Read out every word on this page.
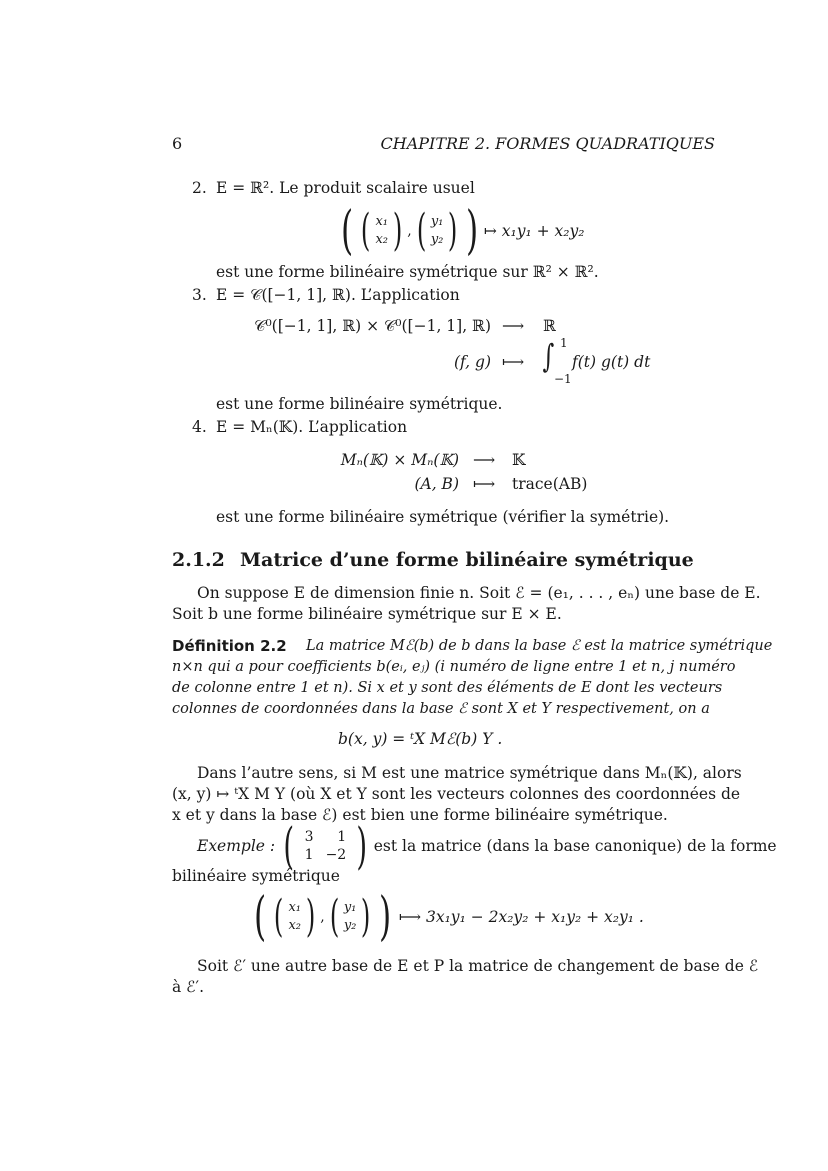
6	CHAPITRE 2. FORMES QUADRATIQUES
2. E = ℝ². Le produit scalaire usuel
( ( x₁
x₂ ) , ( y₁
y₂ ) ) ↦ x₁y₁ + x₂y₂
est une forme bilinéaire symétrique sur ℝ² × ℝ².
3. E = 𝒞([−1, 1], ℝ). L’application
𝒞⁰([−1, 1], ℝ) × 𝒞⁰([−1, 1], ℝ) ⟶ ℝ
(f, g) ⟼ ∫ 1
−1
f(t) g(t) dt
est une forme bilinéaire symétrique.
4. E = Mₙ(𝕂). L’application
Mₙ(𝕂) × Mₙ(𝕂) ⟶ 𝕂
(A, B) ⟼ trace(AB)
est une forme bilinéaire symétrique (vérifier la symétrie).
2.1.2 Matrice d’une forme bilinéaire symétrique
On suppose E de dimension finie n. Soit ℰ = (e₁, . . . , eₙ) une base de E.
Soit b une forme bilinéaire symétrique sur E × E.
Définition 2.2 La matrice Mℰ(b) de b dans la base ℰ est la matrice symétrique
n×n qui a pour coefficients b(eᵢ, eⱼ) (i numéro de ligne entre 1 et n, j numéro
de colonne entre 1 et n). Si x et y sont des éléments de E dont les vecteurs
colonnes de coordonnées dans la base ℰ sont X et Y respectivement, on a
b(x, y) = ᵗX Mℰ(b) Y .
Dans l’autre sens, si M est une matrice symétrique dans Mₙ(𝕂), alors
(x, y) ↦ ᵗX M Y (où X et Y sont les vecteurs colonnes des coordonnées de
x et y dans la base ℰ) est bien une forme bilinéaire symétrique.
Exemple : ( 3	1
1	−2 ) est la matrice (dans la base canonique) de la forme
bilinéaire symétrique
( ( x₁
x₂ ) , ( y₁
y₂ ) ) ⟼ 3x₁y₁ − 2x₂y₂ + x₁y₂ + x₂y₁ .
Soit ℰ′ une autre base de E et P la matrice de changement de base de ℰ
à ℰ′.
